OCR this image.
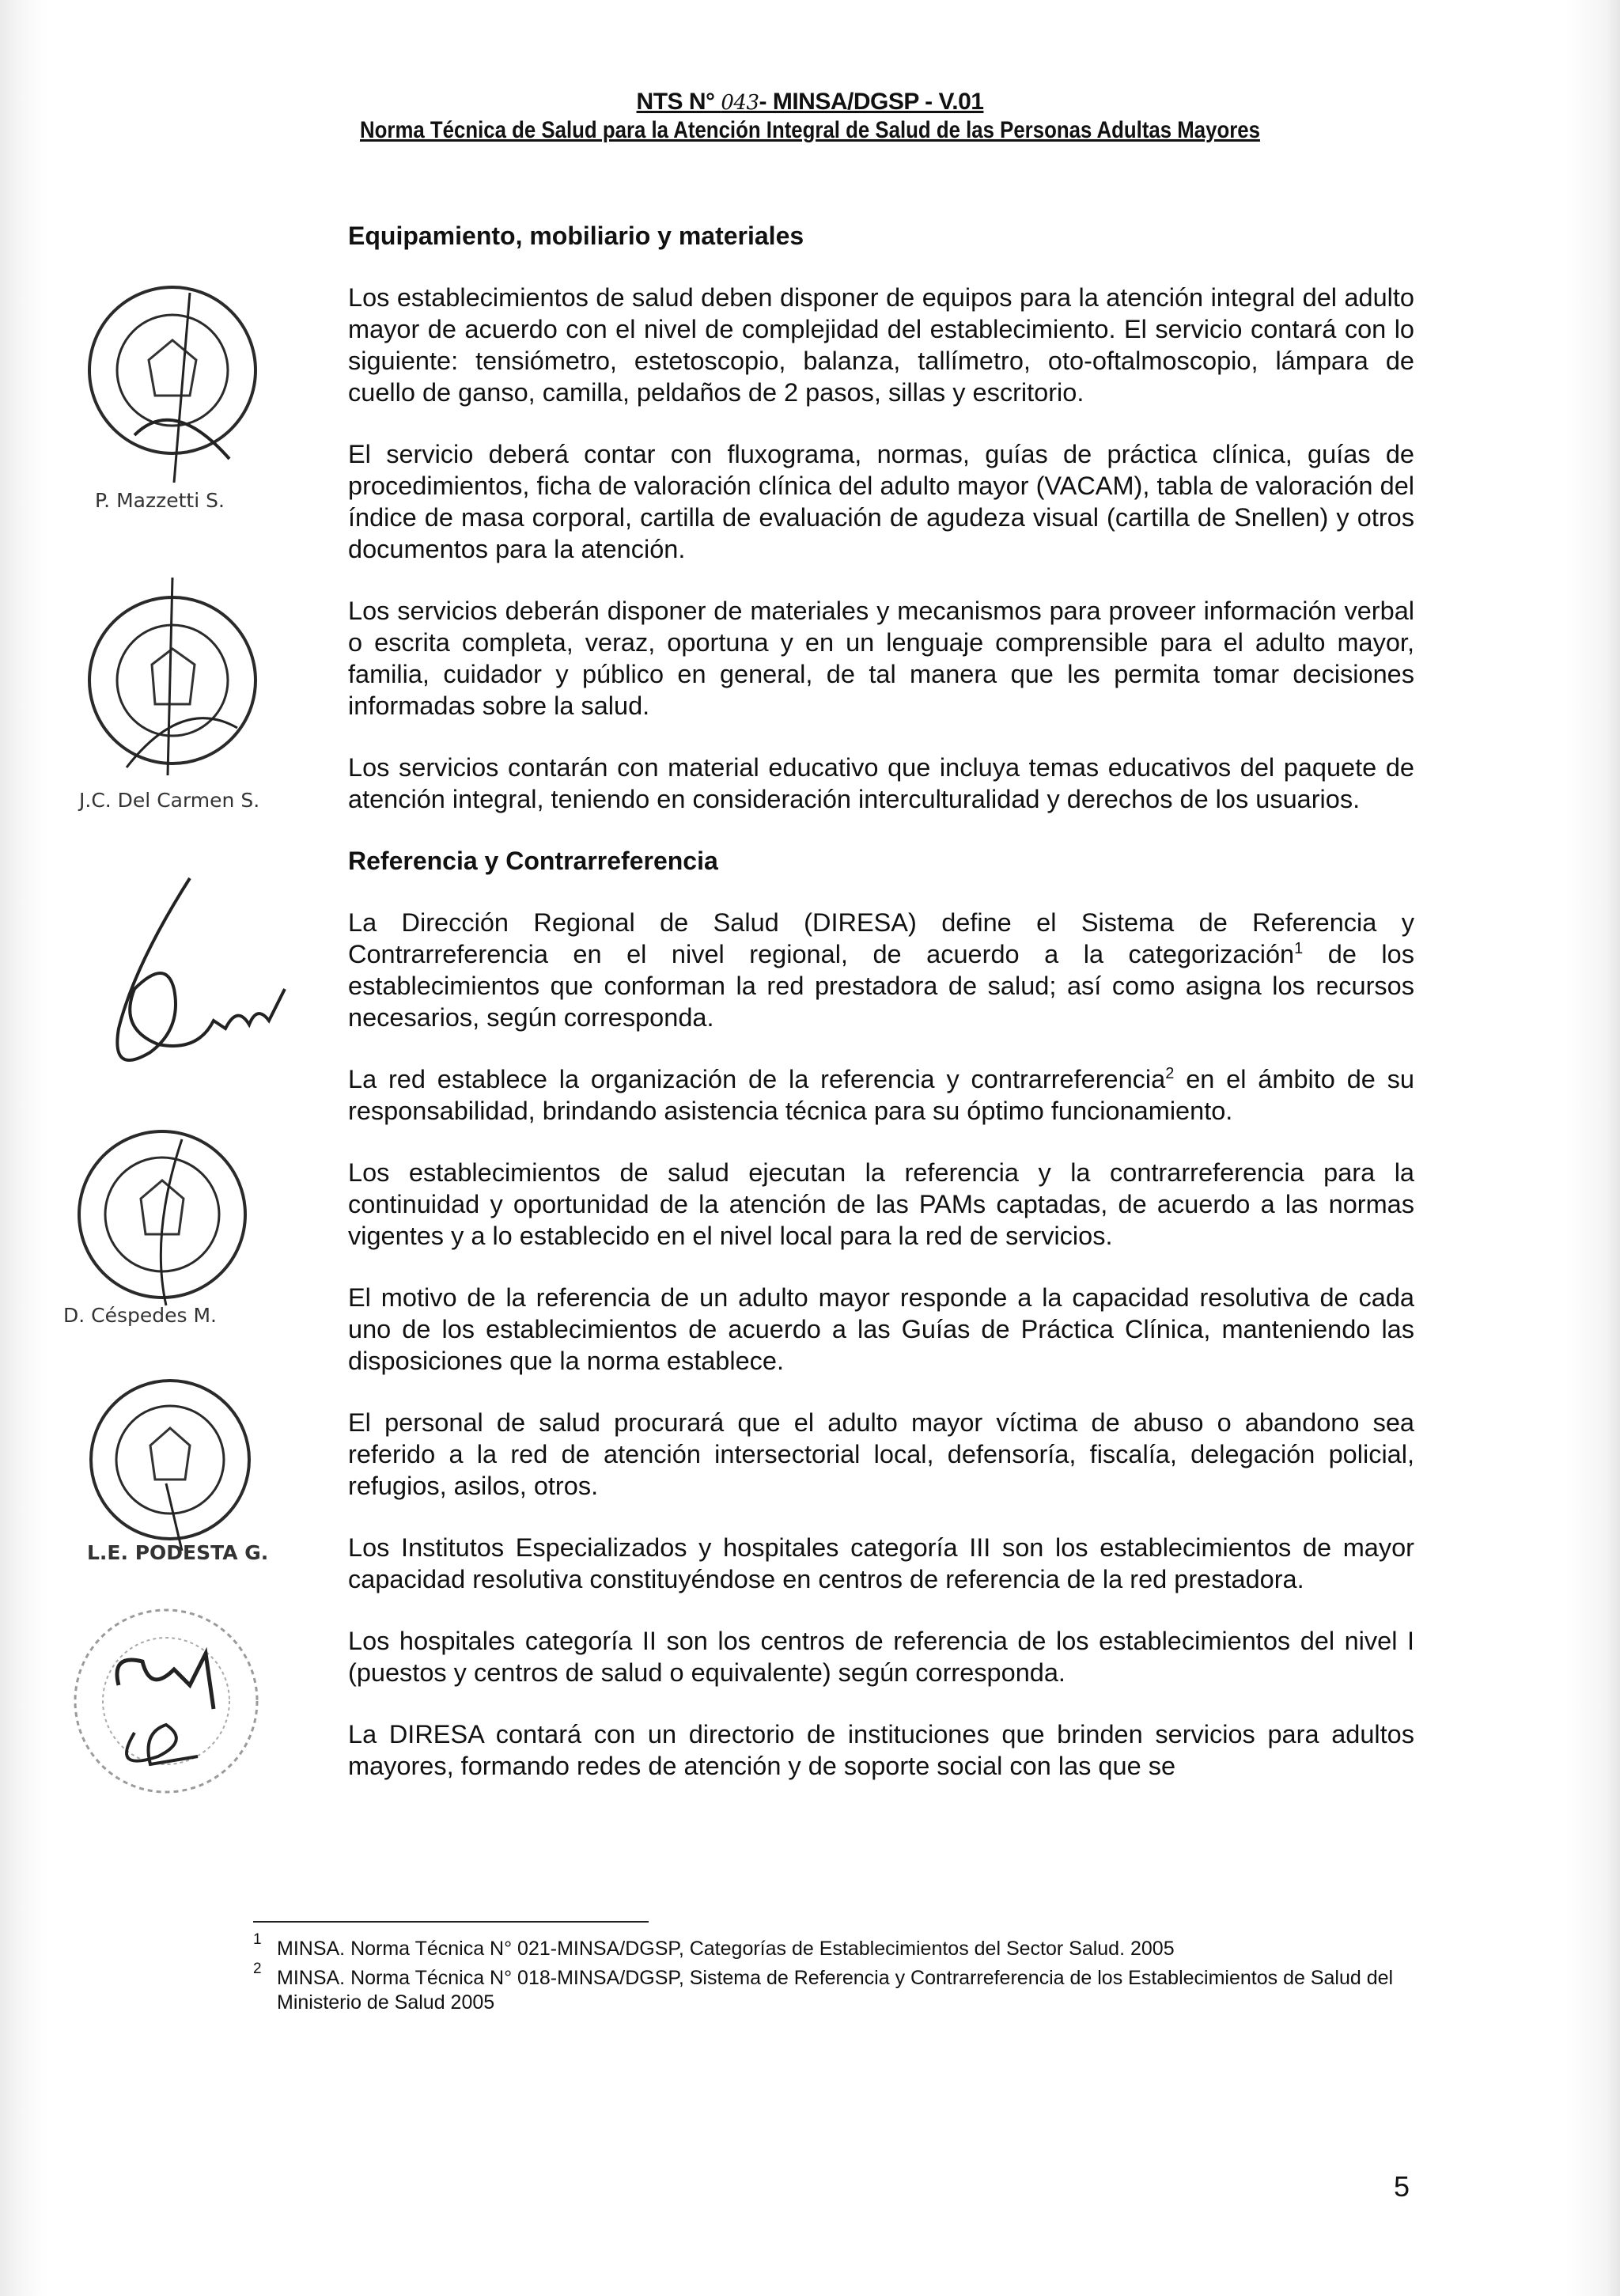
NTS N° 043- MINSA/DGSP - V.01
Norma Técnica de Salud para la Atención Integral de Salud de las Personas Adultas Mayores
Equipamiento, mobiliario y materiales

Los establecimientos de salud deben disponer de equipos para la atención integral del adulto mayor de acuerdo con el nivel de complejidad del establecimiento. El servicio contará con lo siguiente: tensiómetro, estetoscopio, balanza, tallímetro, oto-oftalmoscopio, lámpara de cuello de ganso, camilla, peldaños de 2 pasos, sillas y escritorio.

El servicio deberá contar con fluxograma, normas, guías de práctica clínica, guías de procedimientos, ficha de valoración clínica del adulto mayor (VACAM), tabla de valoración del índice de masa corporal, cartilla de evaluación de agudeza visual (cartilla de Snellen) y otros documentos para la atención.

Los servicios deberán disponer de materiales y mecanismos para proveer información verbal o escrita completa, veraz, oportuna y en un lenguaje comprensible para el adulto mayor, familia, cuidador y público en general, de tal manera que les permita tomar decisiones informadas sobre la salud.

Los servicios contarán con material educativo que incluya temas educativos del paquete de atención integral, teniendo en consideración interculturalidad y derechos de los usuarios.

Referencia y Contrarreferencia

La Dirección Regional de Salud (DIRESA) define el Sistema de Referencia y Contrarreferencia en el nivel regional, de acuerdo a la categorización$^1$ de los establecimientos que conforman la red prestadora de salud; así como asigna los recursos necesarios, según corresponda.

La red establece la organización de la referencia y contrarreferencia$^2$ en el ámbito de su responsabilidad, brindando asistencia técnica para su óptimo funcionamiento.

Los establecimientos de salud ejecutan la referencia y la contrarreferencia para la continuidad y oportunidad de la atención de las PAMs captadas, de acuerdo a las normas vigentes y a lo establecido en el nivel local para la red de servicios.

El motivo de la referencia de un adulto mayor responde a la capacidad resolutiva de cada uno de los establecimientos de acuerdo a las Guías de Práctica Clínica, manteniendo las disposiciones que la norma establece.

El personal de salud procurará que el adulto mayor víctima de abuso o abandono sea referido a la red de atención intersectorial local, defensoría, fiscalía, delegación policial, refugios, asilos, otros.

Los Institutos Especializados y hospitales categoría III son los establecimientos de mayor capacidad resolutiva constituyéndose en centros de referencia de la red prestadora.

Los hospitales categoría II son los centros de referencia de los establecimientos del nivel I (puestos y centros de salud o equivalente) según corresponda.

La DIRESA contará con un directorio de instituciones que brinden servicios para adultos mayores, formando redes de atención y de soporte social con las que se

1 MINSA. Norma Técnica N° 021-MINSA/DGSP, Categorías de Establecimientos del Sector Salud. 2005
2 MINSA. Norma Técnica N° 018-MINSA/DGSP, Sistema de Referencia y Contrarreferencia de los Establecimientos de Salud del Ministerio de Salud 2005
5
P. Mazzetti S.
J.C. Del Carmen S.
D. Céspedes M.
L.E. PODESTA G.
